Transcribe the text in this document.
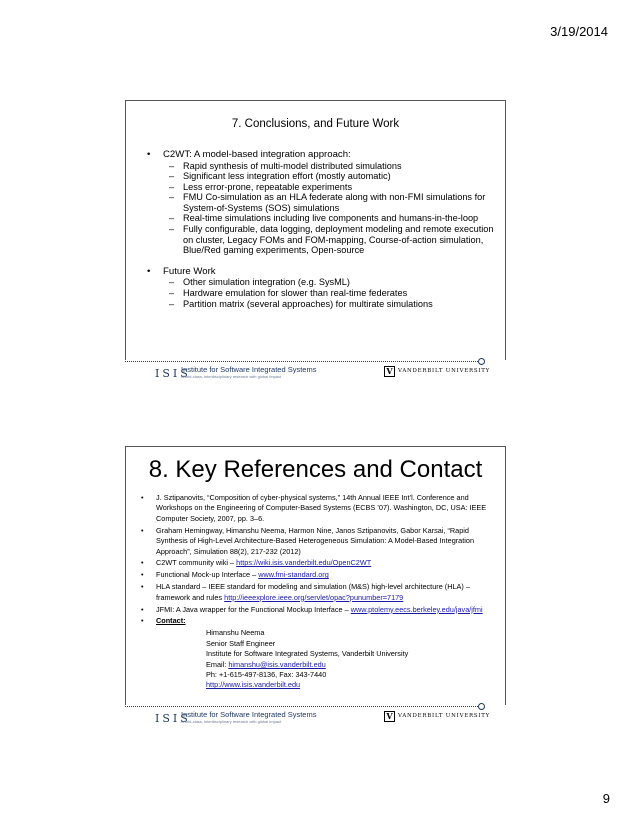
3/19/2014
7. Conclusions, and Future Work
•	C2WT: A model-based integration approach:
– Rapid synthesis of multi-model distributed simulations
– Significant less integration effort (mostly automatic)
– Less error-prone, repeatable experiments
– FMU Co-simulation as an HLA federate along with non-FMI simulations for System-of-Systems (SOS) simulations
– Real-time simulations including live components and humans-in-the-loop
– Fully configurable, data logging, deployment modeling and remote execution on cluster, Legacy FOMs and FOM-mapping, Course-of-action simulation, Blue/Red gaming experiments, Open-source
•	Future Work
– Other simulation integration (e.g. SysML)
– Hardware emulation for slower than real-time federates
– Partition matrix (several approaches) for multirate simulations
ISIS
Institute for Software Integrated Systems
World-class, interdisciplinary research with global impact
V VANDERBILT UNIVERSITY
8. Key References and Contact
•	J. Sztipanovits, “Composition of cyber-physical systems,” 14th Annual IEEE Int’l. Conference and Workshops on the Engineering of Computer-Based Systems (ECBS ’07). Washington, DC, USA: IEEE Computer Society, 2007, pp. 3–6.
•	Graham Hemingway, Himanshu Neema, Harmon Nine, Janos Sztipanovits, Gabor Karsai, “Rapid Synthesis of High-Level Architecture-Based Heterogeneous Simulation: A Model-Based Integration Approach”, Simulation 88(2), 217-232 (2012)
•	C2WT community wiki – https://wiki.isis.vanderbilt.edu/OpenC2WT
•	Functional Mock-up Interface – www.fmi-standard.org
•	HLA standard – IEEE standard for modeling and simulation (M&S) high-level architecture (HLA) – framework and rules http://ieeexplore.ieee.org/servlet/opac?punumber=7179
•	JFMI: A Java wrapper for the Functional Mockup Interface – www.ptolemy.eecs.berkeley.edu/java/jfmi
•	Contact:
Himanshu Neema
Senior Staff Engineer
Institute for Software Integrated Systems, Vanderbilt University
Email: himanshu@isis.vanderbilt.edu
Ph: +1-615-497-8136, Fax: 343-7440
http://www.isis.vanderbilt.edu
ISIS
Institute for Software Integrated Systems
World-class, interdisciplinary research with global impact
V VANDERBILT UNIVERSITY
9
